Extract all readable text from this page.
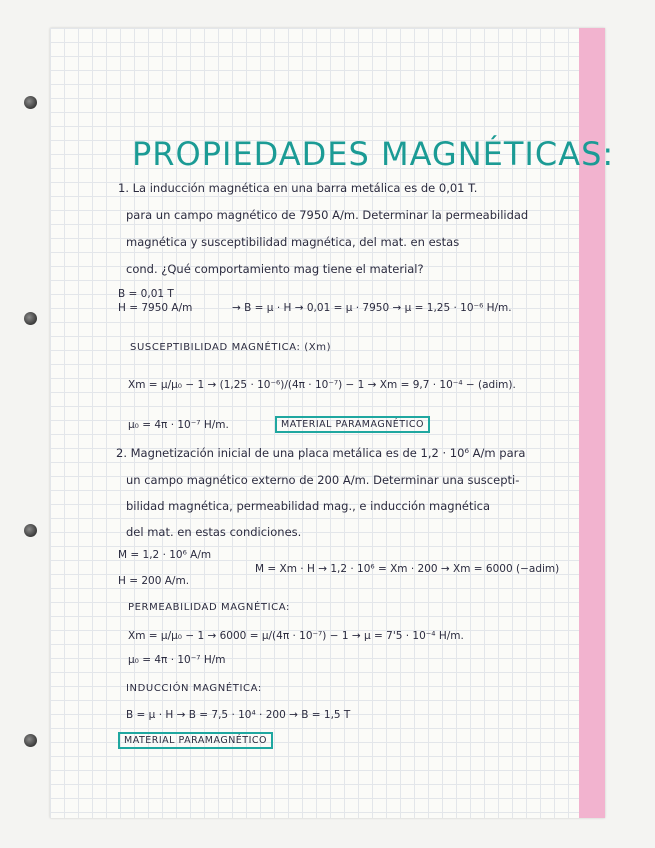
PROPIEDADES MAGNÉTICAS:
1. La inducción magnética en una barra metálica es de 0,01 T.
para un campo magnético de 7950 A/m. Determinar la permeabilidad
magnética y susceptibilidad magnética, del mat. en estas
cond. ¿Qué comportamiento mag tiene el material?
B = 0,01 T
H = 7950 A/m	→ B = μ · H → 0,01 = μ · 7950 → μ = 1,25 · 10⁻⁶ H/m.
SUSCEPTIBILIDAD MAGNÉTICA: (Xm)
Xm = μ/μ₀ − 1 → (1,25 · 10⁻⁶)/(4π · 10⁻⁷) − 1 → Xm = 9,7 · 10⁻⁴ − (adim).
μ₀ = 4π · 10⁻⁷ H/m.	MATERIAL PARAMAGNÉTICO
2. Magnetización inicial de una placa metálica es de 1,2 · 10⁶ A/m para
un campo magnético externo de 200 A/m. Determinar una suscepti-
bilidad magnética, permeabilidad mag., e inducción magnética
del mat. en estas condiciones.
M = 1,2 · 10⁶ A/m
H = 200 A/m.
M = Xm · H → 1,2 · 10⁶ = Xm · 200 → Xm = 6000 (−adim)
PERMEABILIDAD MAGNÉTICA:
Xm = μ/μ₀ − 1 → 6000 = μ/(4π · 10⁻⁷) − 1 → μ = 7'5 · 10⁻⁴ H/m.
μ₀ = 4π · 10⁻⁷ H/m
INDUCCIÓN MAGNÉTICA:
B = μ · H → B = 7,5 · 10⁴ · 200 → B = 1,5 T
MATERIAL PARAMAGNÉTICO
